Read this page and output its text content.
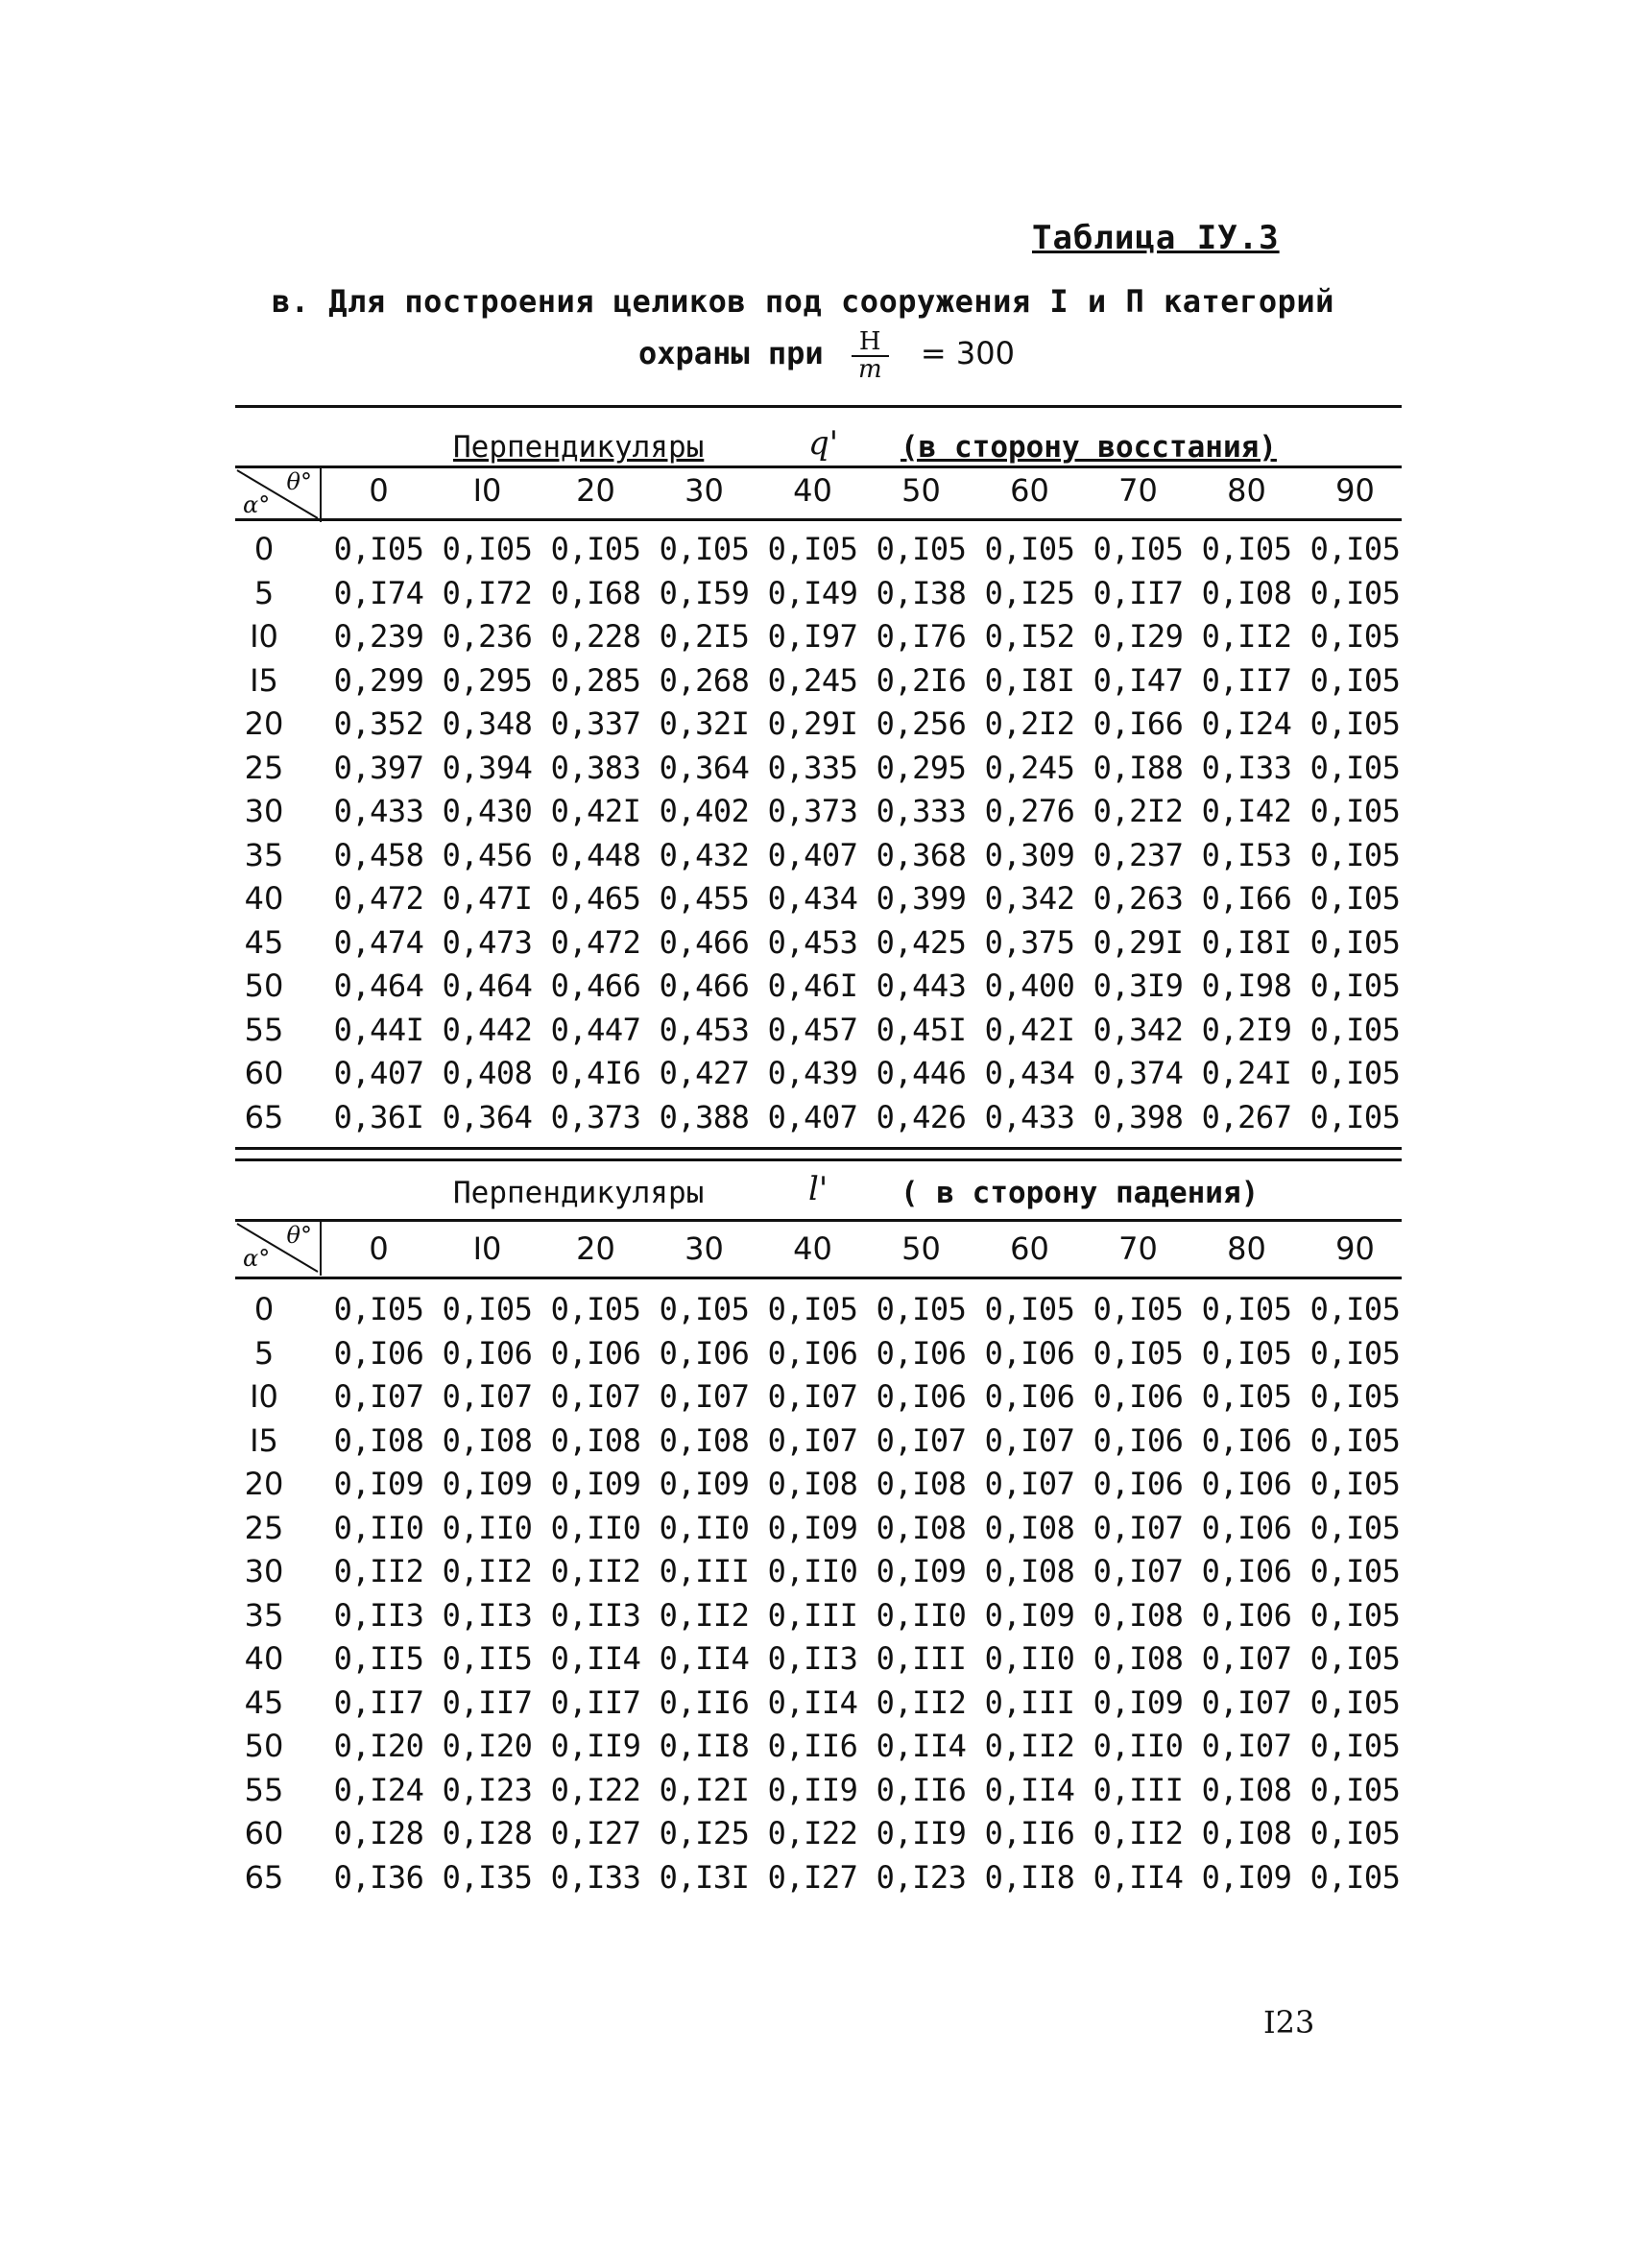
Таблица IУ.3
в. Для построения целиков под сооружения I и П категорий
охраны при $\frac{Н}{m} = 300$
Перпендикуляры	q' (в сторону восстания)
α°
θ°	0	I0	20	30	40	50	60	70	80	90
0	0,I05 0,I05 0,I05 0,I05 0,I05 0,I05 0,I05 0,I05 0,I05 0,I05
5	0,I74 0,I72 0,I68 0,I59 0,I49 0,I38 0,I25 0,II7 0,I08 0,I05
I0	0,239 0,236 0,228 0,2I5 0,I97 0,I76 0,I52 0,I29 0,II2 0,I05
I5	0,299 0,295 0,285 0,268 0,245 0,2I6 0,I8I 0,I47 0,II7 0,I05
20	0,352 0,348 0,337 0,32I 0,29I 0,256 0,2I2 0,I66 0,I24 0,I05
25	0,397 0,394 0,383 0,364 0,335 0,295 0,245 0,I88 0,I33 0,I05
30	0,433 0,430 0,42I 0,402 0,373 0,333 0,276 0,2I2 0,I42 0,I05
35	0,458 0,456 0,448 0,432 0,407 0,368 0,309 0,237 0,I53 0,I05
40	0,472 0,47I 0,465 0,455 0,434 0,399 0,342 0,263 0,I66 0,I05
45	0,474 0,473 0,472 0,466 0,453 0,425 0,375 0,29I 0,I8I 0,I05
50	0,464 0,464 0,466 0,466 0,46I 0,443 0,400 0,3I9 0,I98 0,I05
55	0,44I 0,442 0,447 0,453 0,457 0,45I 0,42I 0,342 0,2I9 0,I05
60	0,407 0,408 0,4I6 0,427 0,439 0,446 0,434 0,374 0,24I 0,I05
65	0,36I 0,364 0,373 0,388 0,407 0,426 0,433 0,398 0,267 0,I05
Перпендикуляры	l' ( в сторону падения)
α°
θ°	0	I0	20	30	40	50	60	70	80	90
0	0,I05 0,I05 0,I05 0,I05 0,I05 0,I05 0,I05 0,I05 0,I05 0,I05
5	0,I06 0,I06 0,I06 0,I06 0,I06 0,I06 0,I06 0,I05 0,I05 0,I05
I0	0,I07 0,I07 0,I07 0,I07 0,I07 0,I06 0,I06 0,I06 0,I05 0,I05
I5	0,I08 0,I08 0,I08 0,I08 0,I07 0,I07 0,I07 0,I06 0,I06 0,I05
20	0,I09 0,I09 0,I09 0,I09 0,I08 0,I08 0,I07 0,I06 0,I06 0,I05
25	0,II0 0,II0 0,II0 0,II0 0,I09 0,I08 0,I08 0,I07 0,I06 0,I05
30	0,II2 0,II2 0,II2 0,III 0,II0 0,I09 0,I08 0,I07 0,I06 0,I05
35	0,II3 0,II3 0,II3 0,II2 0,III 0,II0 0,I09 0,I08 0,I06 0,I05
40	0,II5 0,II5 0,II4 0,II4 0,II3 0,III 0,II0 0,I08 0,I07 0,I05
45	0,II7 0,II7 0,II7 0,II6 0,II4 0,II2 0,III 0,I09 0,I07 0,I05
50	0,I20 0,I20 0,II9 0,II8 0,II6 0,II4 0,II2 0,II0 0,I07 0,I05
55	0,I24 0,I23 0,I22 0,I2I 0,II9 0,II6 0,II4 0,III 0,I08 0,I05
60	0,I28 0,I28 0,I27 0,I25 0,I22 0,II9 0,II6 0,II2 0,I08 0,I05
65	0,I36 0,I35 0,I33 0,I3I 0,I27 0,I23 0,II8 0,II4 0,I09 0,I05
I23
